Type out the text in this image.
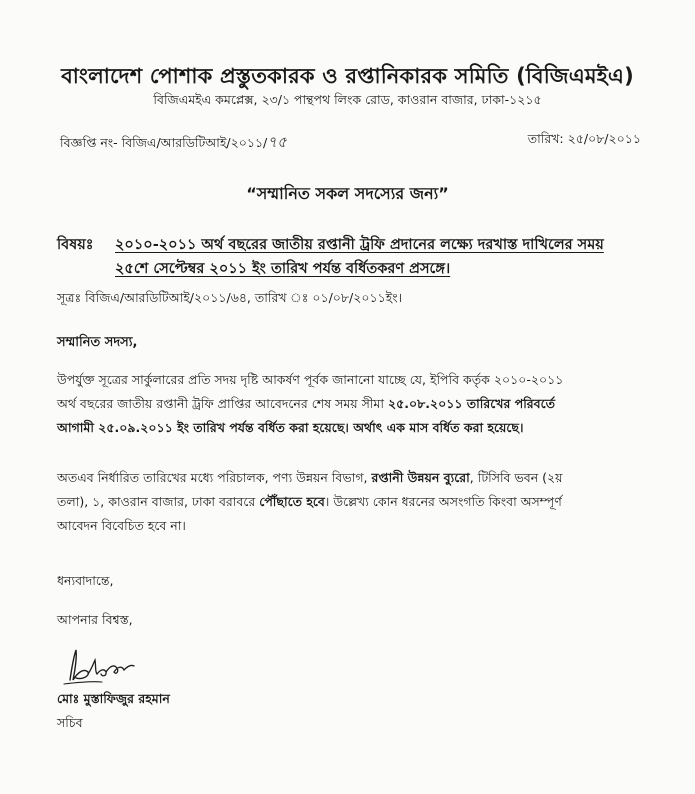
বাংলাদেশ পোশাক প্রস্তুতকারক ও রপ্তানিকারক সমিতি (বিজিএমইএ)
বিজিএমইএ কমপ্লেক্স, ২৩/১ পান্থপথ লিংক রোড, কাওরান বাজার, ঢাকা-১২১৫
বিজ্ঞপ্তি নং- বিজিএ/আরডিটিআই/২০১১/৭৫	তারিখ: ২৫/০৮/২০১১
“সম্মানিত সকল সদস্যের জন্য”
বিষয়ঃ ২০১০-২০১১ অর্থ বছরের জাতীয় রপ্তানী ট্রফি প্রদানের লক্ষ্যে দরখাস্ত দাখিলের সময়
২৫শে সেপ্টেম্বর ২০১১ ইং তারিখ পর্যন্ত বর্ধিতকরণ প্রসঙ্গে।
সূত্রঃ বিজিএ/আরডিটিআই/২০১১/৬৪, তারিখ ঃ ০১/০৮/২০১১ইং।
সম্মানিত সদস্য,
উপর্যুক্ত সূত্রের সার্কুলারের প্রতি সদয় দৃষ্টি আকর্ষণ পূর্বক জানানো যাচ্ছে যে, ইপিবি কর্তৃক ২০১০-২০১১
অর্থ বছরের জাতীয় রপ্তানী ট্রফি প্রাপ্তির আবেদনের শেষ সময় সীমা ২৫.০৮.২০১১ তারিখের পরিবর্তে
আগামী ২৫.০৯.২০১১ ইং তারিখ পর্যন্ত বর্ধিত করা হয়েছে। অর্থাৎ এক মাস বর্ধিত করা হয়েছে।
অতএব নির্ধারিত তারিখের মধ্যে পরিচালক, পণ্য উন্নয়ন বিভাগ, রপ্তানী উন্নয়ন ব্যুরো, টিসিবি ভবন (২য়
তলা), ১, কাওরান বাজার, ঢাকা বরাবরে পৌঁছাতে হবে। উল্লেখ্য কোন ধরনের অসংগতি কিংবা অসম্পূর্ণ
আবেদন বিবেচিত হবে না।
ধন্যবাদান্তে,
আপনার বিশ্বস্ত,
মোঃ মুস্তাফিজুর রহমান
সচিব
